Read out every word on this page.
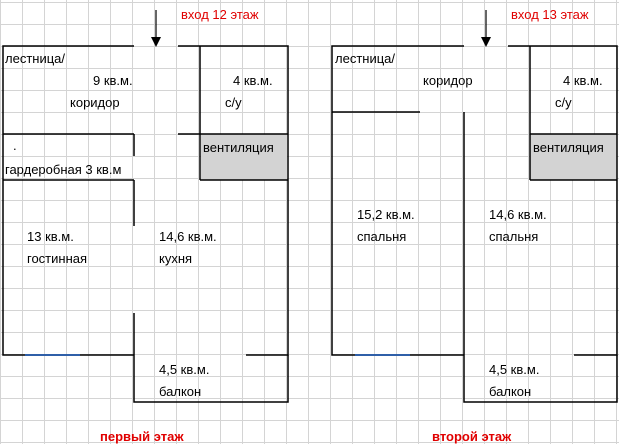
вход 12 этаж
лестница/
9 кв.м.
коридор
4 кв.м.
с/у
вентиляция
.
гардеробная 3 кв.м
13 кв.м.
гостинная
14,6 кв.м.
кухня
4,5 кв.м.
балкон
первый этаж
вход 13 этаж
лестница/
коридор	4 кв.м.
с/у
вентиляция
15,2 кв.м.
спальня
14,6 кв.м.
спальня
4,5 кв.м.
балкон
второй этаж
